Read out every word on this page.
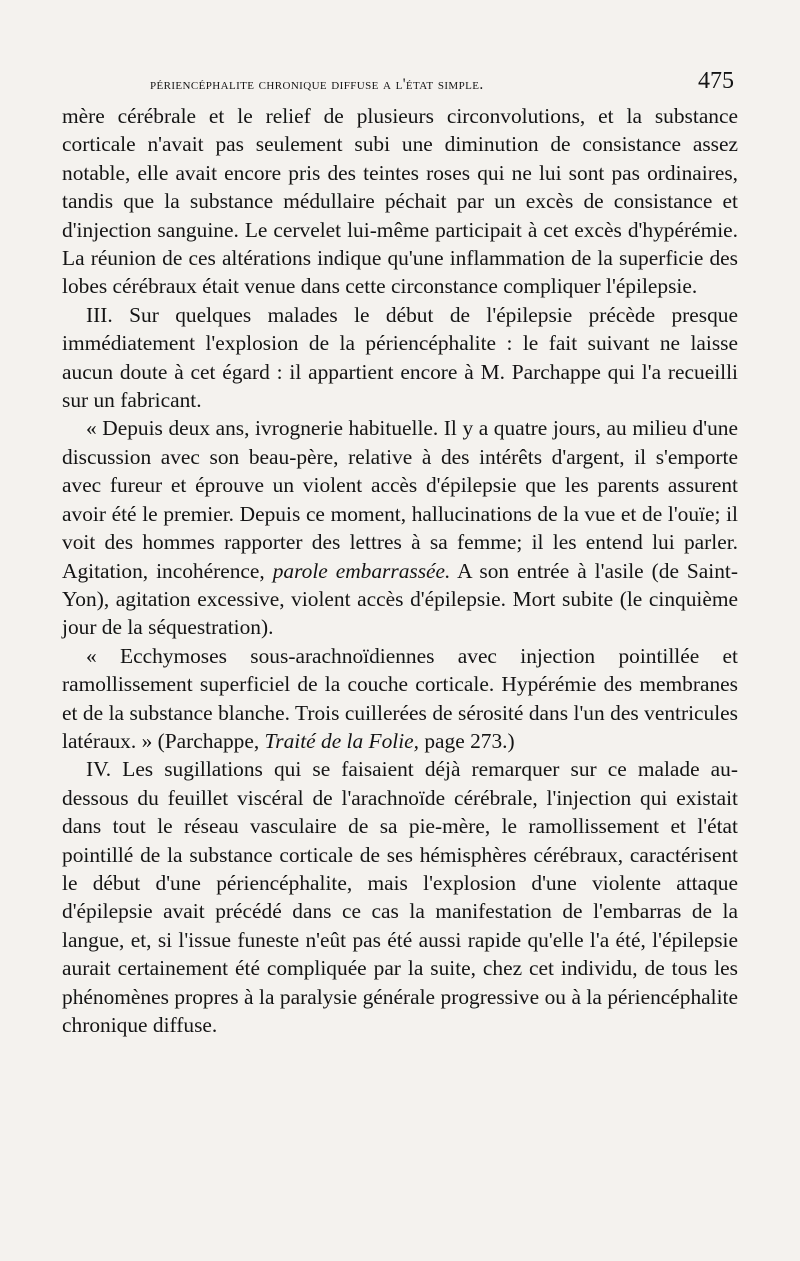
périencéphalite chronique diffuse a l'état simple.	475

mère cérébrale et le relief de plusieurs circonvolutions, et la substance corticale n'avait pas seulement subi une diminution de consistance assez notable, elle avait encore pris des teintes roses qui ne lui sont pas ordinaires, tandis que la substance médullaire péchait par un excès de consistance et d'injection sanguine. Le cervelet lui-même participait à cet excès d'hypérémie. La réunion de ces altérations indique qu'une inflammation de la superficie des lobes cérébraux était venue dans cette circonstance compliquer l'épilepsie.

III. Sur quelques malades le début de l'épilepsie précède presque immédiatement l'explosion de la périencéphalite : le fait suivant ne laisse aucun doute à cet égard : il appartient encore à M. Parchappe qui l'a recueilli sur un fabricant.

« Depuis deux ans, ivrognerie habituelle. Il y a quatre jours, au milieu d'une discussion avec son beau-père, relative à des intérêts d'argent, il s'emporte avec fureur et éprouve un violent accès d'épilepsie que les parents assurent avoir été le premier. Depuis ce moment, hallucinations de la vue et de l'ouïe; il voit des hommes rapporter des lettres à sa femme; il les entend lui parler. Agitation, incohérence, parole embarrassée. A son entrée à l'asile (de Saint-Yon), agitation excessive, violent accès d'épilepsie. Mort subite (le cinquième jour de la séquestration).

« Ecchymoses sous-arachnoïdiennes avec injection pointillée et ramollissement superficiel de la couche corticale. Hypérémie des membranes et de la substance blanche. Trois cuillerées de sérosité dans l'un des ventricules latéraux. » (Parchappe, Traité de la Folie, page 273.)

IV. Les sugillations qui se faisaient déjà remarquer sur ce malade au-dessous du feuillet viscéral de l'arachnoïde cérébrale, l'injection qui existait dans tout le réseau vasculaire de sa pie-mère, le ramollissement et l'état pointillé de la substance corticale de ses hémisphères cérébraux, caractérisent le début d'une périencéphalite, mais l'explosion d'une violente attaque d'épilepsie avait précédé dans ce cas la manifestation de l'embarras de la langue, et, si l'issue funeste n'eût pas été aussi rapide qu'elle l'a été, l'épilepsie aurait certainement été compliquée par la suite, chez cet individu, de tous les phénomènes propres à la paralysie générale progressive ou à la périencéphalite chronique diffuse.
